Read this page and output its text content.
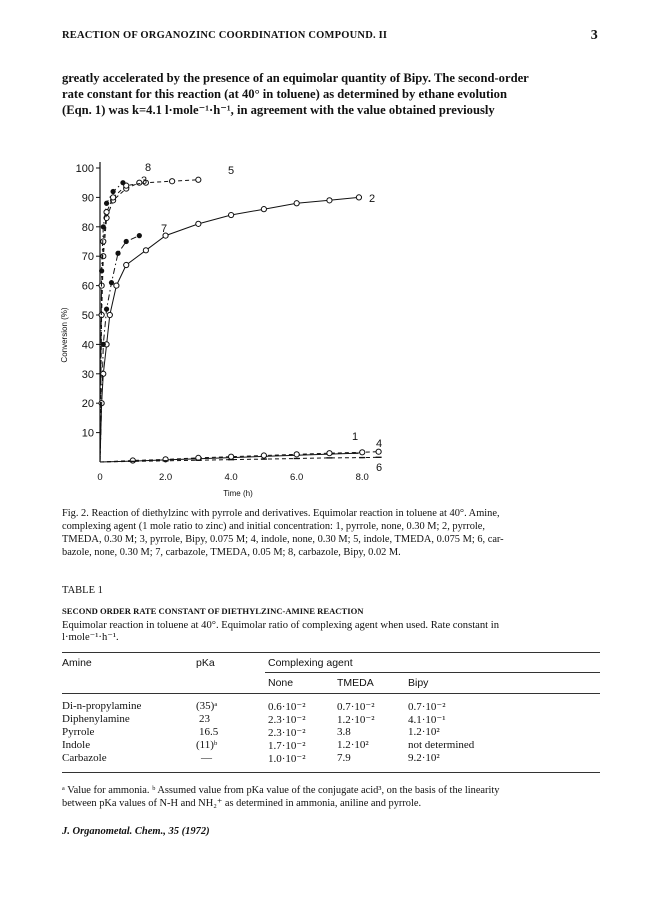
REACTION OF ORGANOZINC COORDINATION COMPOUND. II	3
greatly accelerated by the presence of an equimolar quantity of Bipy. The second-order
rate constant for this reaction (at 40° in toluene) as determined by ethane evolution
(Eqn. 1) was k=4.1 l·mole⁻¹·h⁻¹, in agreement with the value obtained previously
10
20
30
40
50
60
70
80
90
100
0	2.0	4.0	6.0	8.0
1
2
3
4
5
6
7
8
Time (h)
Conversion (%)
Fig. 2. Reaction of diethylzinc with pyrrole and derivatives. Equimolar reaction in toluene at 40°. Amine,
complexing agent (1 mole ratio to zinc) and initial concentration: 1, pyrrole, none, 0.30 M; 2, pyrrole,
TMEDA, 0.30 M; 3, pyrrole, Bipy, 0.075 M; 4, indole, none, 0.30 M; 5, indole, TMEDA, 0.075 M; 6, car-
bazole, none, 0.30 M; 7, carbazole, TMEDA, 0.05 M; 8, carbazole, Bipy, 0.02 M.
TABLE 1
SECOND ORDER RATE CONSTANT OF DIETHYLZINC-AMINE REACTION
Equimolar reaction in toluene at 40°. Equimolar ratio of complexing agent when used. Rate constant in
l·mole⁻¹·h⁻¹.
Amine	pKa	Complexing agent
None	TMEDA	Bipy
Di-n-propylamine	(35)ᵃ	0.6·10⁻²	0.7·10⁻²	0.7·10⁻²
Diphenylamine	23	2.3·10⁻²	1.2·10⁻²	4.1·10⁻¹
Pyrrole	16.5	2.3·10⁻²	3.8	1.2·10²
Indole	(11)ᵇ	1.7·10⁻²	1.2·10²	not determined
Carbazole	—	1.0·10⁻²	7.9	9.2·10²
ᵃ Value for ammonia. ᵇ Assumed value from pKa value of the conjugate acid³, on the basis of the linearity
between pKa values of N-H and NH₂⁺ as determined in ammonia, aniline and pyrrole.
J. Organometal. Chem., 35 (1972)
